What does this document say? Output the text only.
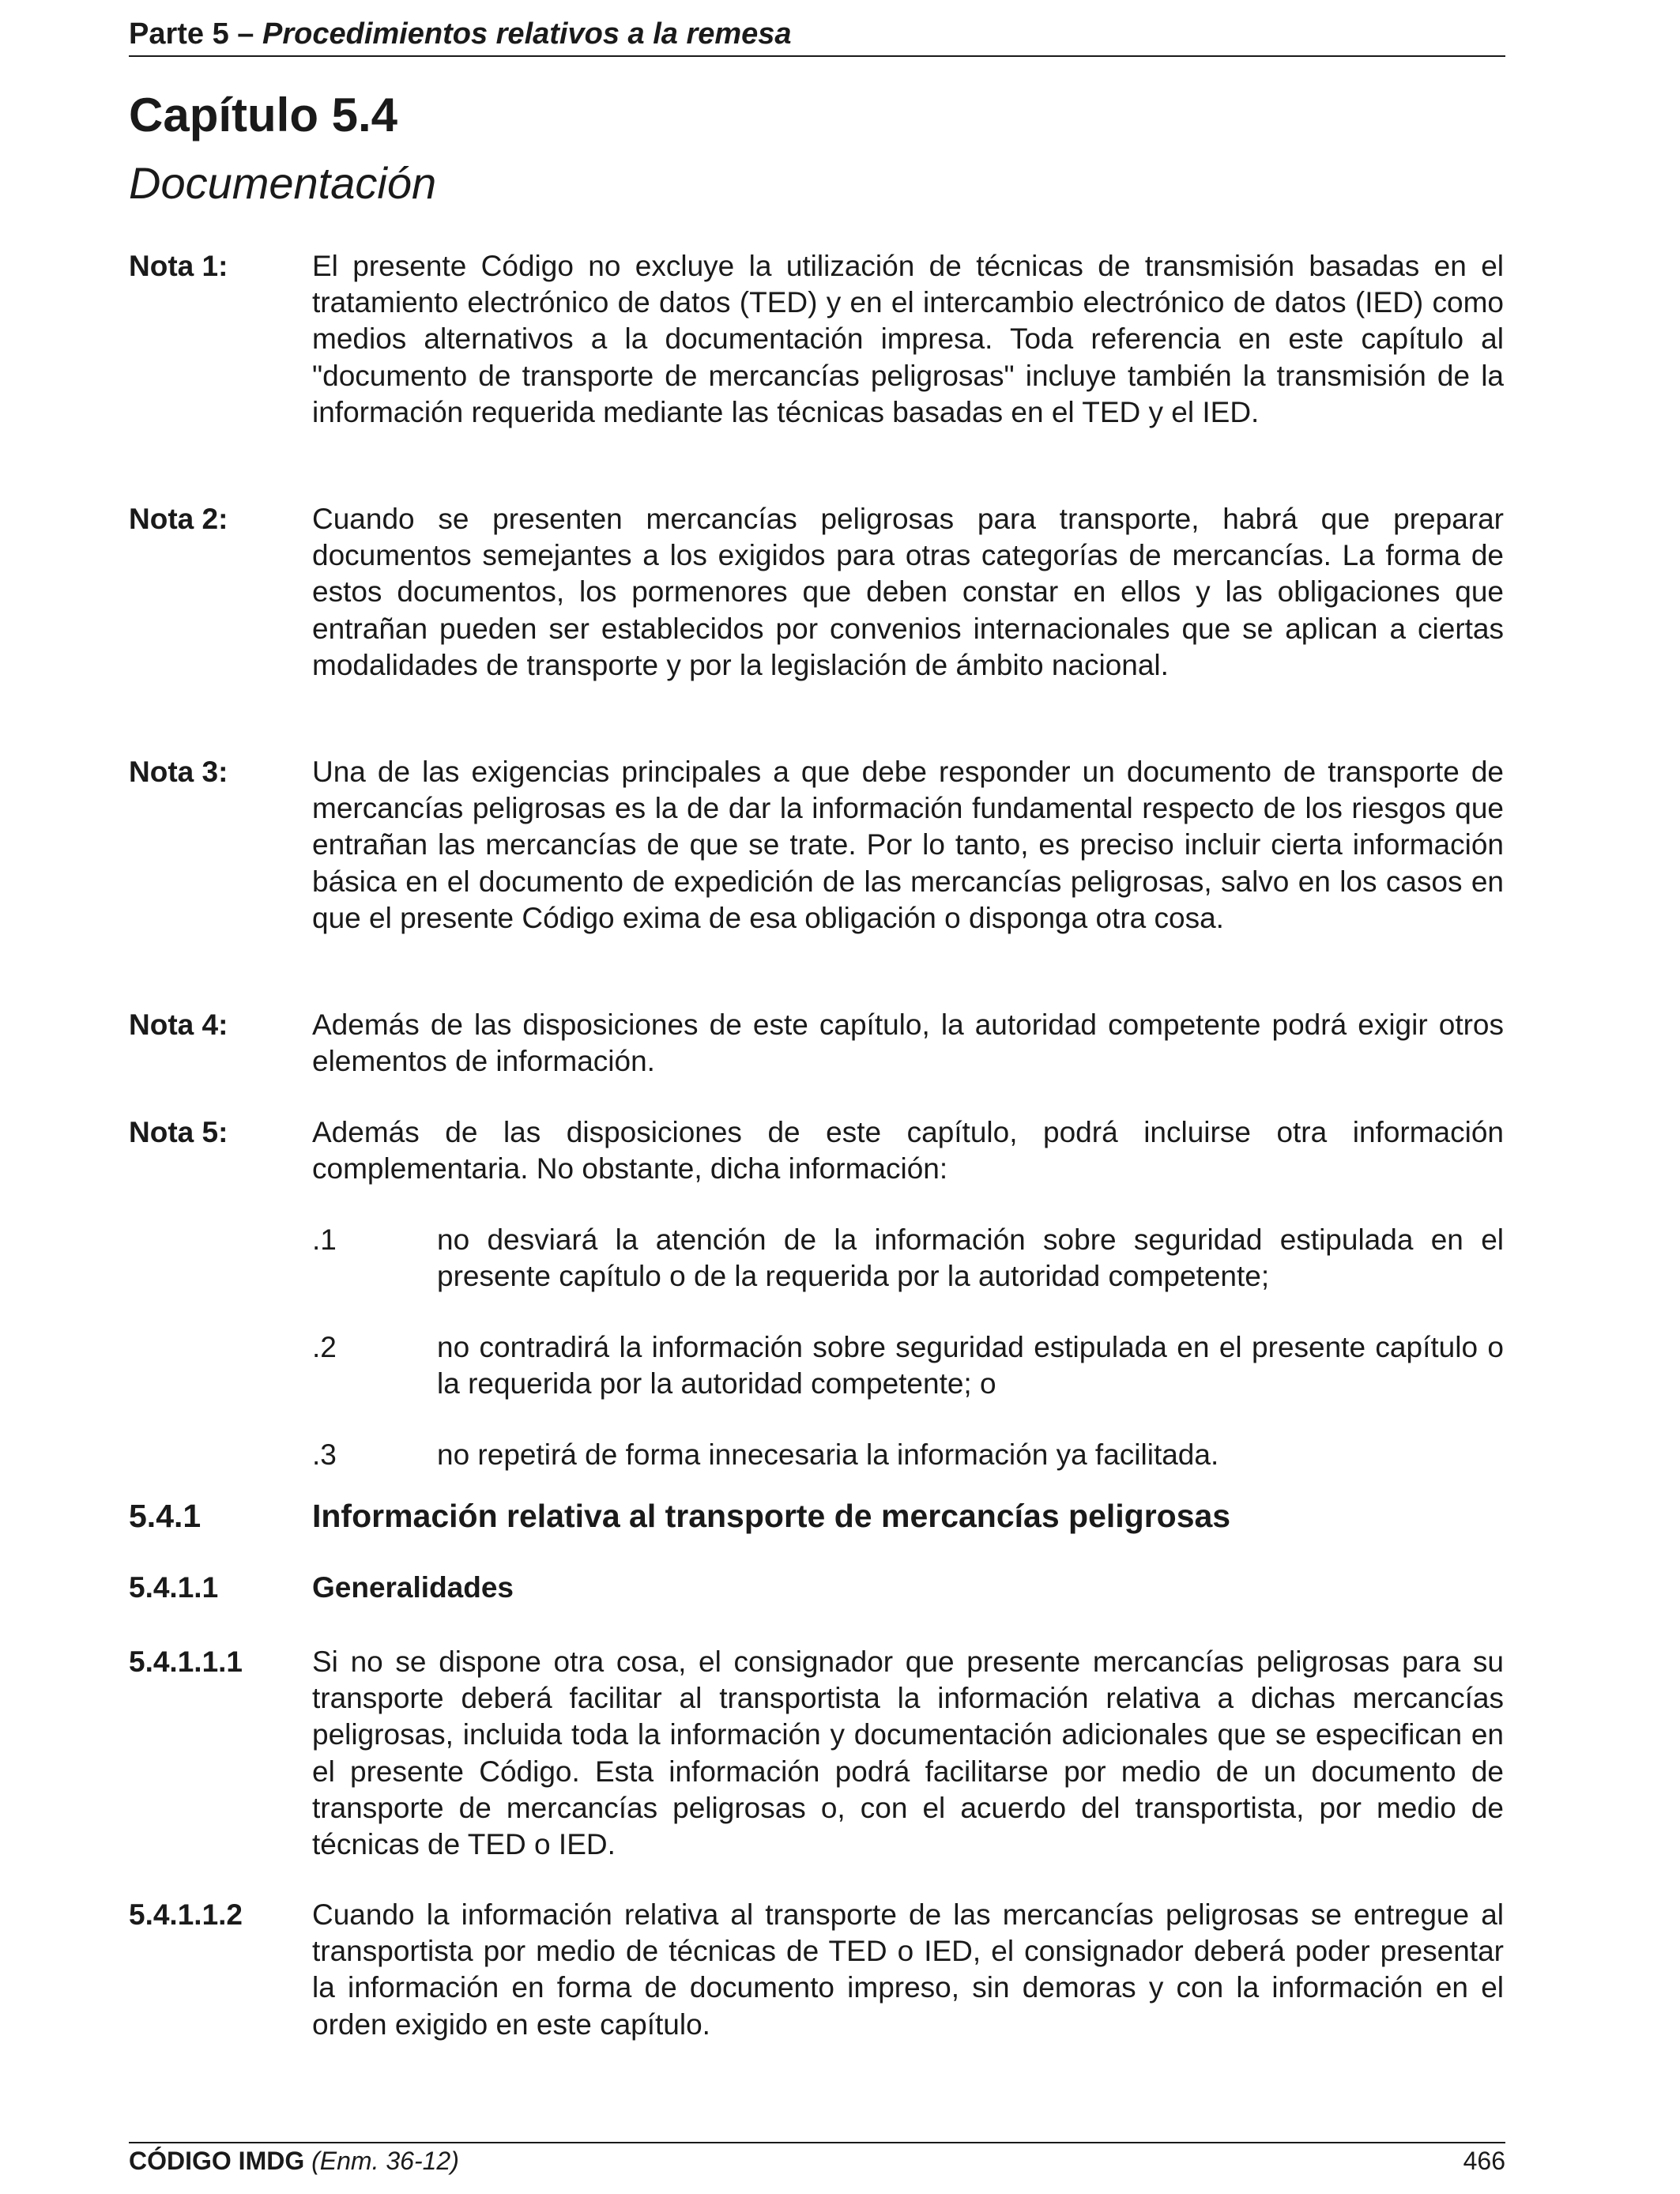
Parte 5 – Procedimientos relativos a la remesa
Capítulo 5.4
Documentación
Nota 1:	El presente Código no excluye la utilización de técnicas de transmisión basadas en el tratamiento electrónico de datos (TED) y en el intercambio electrónico de datos (IED) como medios alternativos a la documentación impresa. Toda referencia en este capítulo al "documento de transporte de mercancías peligrosas" incluye también la transmisión de la información requerida mediante las técnicas basadas en el TED y el IED.
Nota 2:	Cuando se presenten mercancías peligrosas para transporte, habrá que preparar documentos semejantes a los exigidos para otras categorías de mercancías. La forma de estos documentos, los pormenores que deben constar en ellos y las obligaciones que entrañan pueden ser establecidos por convenios internacionales que se aplican a ciertas modalidades de transporte y por la legislación de ámbito nacional.
Nota 3:	Una de las exigencias principales a que debe responder un documento de transporte de mercancías peligrosas es la de dar la información fundamental respecto de los riesgos que entrañan las mercancías de que se trate. Por lo tanto, es preciso incluir cierta información básica en el documento de expedición de las mercancías peligrosas, salvo en los casos en que el presente Código exima de esa obligación o disponga otra cosa.
Nota 4:	Además de las disposiciones de este capítulo, la autoridad competente podrá exigir otros elementos de información.
Nota 5:	Además de las disposiciones de este capítulo, podrá incluirse otra información complementaria. No obstante, dicha información:
.1	no desviará la atención de la información sobre seguridad estipulada en el presente capítulo o de la requerida por la autoridad competente;
.2	no contradirá la información sobre seguridad estipulada en el presente capítulo o la requerida por la autoridad competente; o
.3	no repetirá de forma innecesaria la información ya facilitada.
5.4.1	Información relativa al transporte de mercancías peligrosas
5.4.1.1	Generalidades
5.4.1.1.1 Si no se dispone otra cosa, el consignador que presente mercancías peligrosas para su transporte deberá facilitar al transportista la información relativa a dichas mercancías peligrosas, incluida toda la información y documentación adicionales que se especifican en el presente Código. Esta información podrá facilitarse por medio de un documento de transporte de mercancías peligrosas o, con el acuerdo del transportista, por medio de técnicas de TED o IED.
5.4.1.1.2 Cuando la información relativa al transporte de las mercancías peligrosas se entregue al transportista por medio de técnicas de TED o IED, el consignador deberá poder presentar la información en forma de documento impreso, sin demoras y con la información en el orden exigido en este capítulo.
CÓDIGO IMDG (Enm. 36-12)	466
